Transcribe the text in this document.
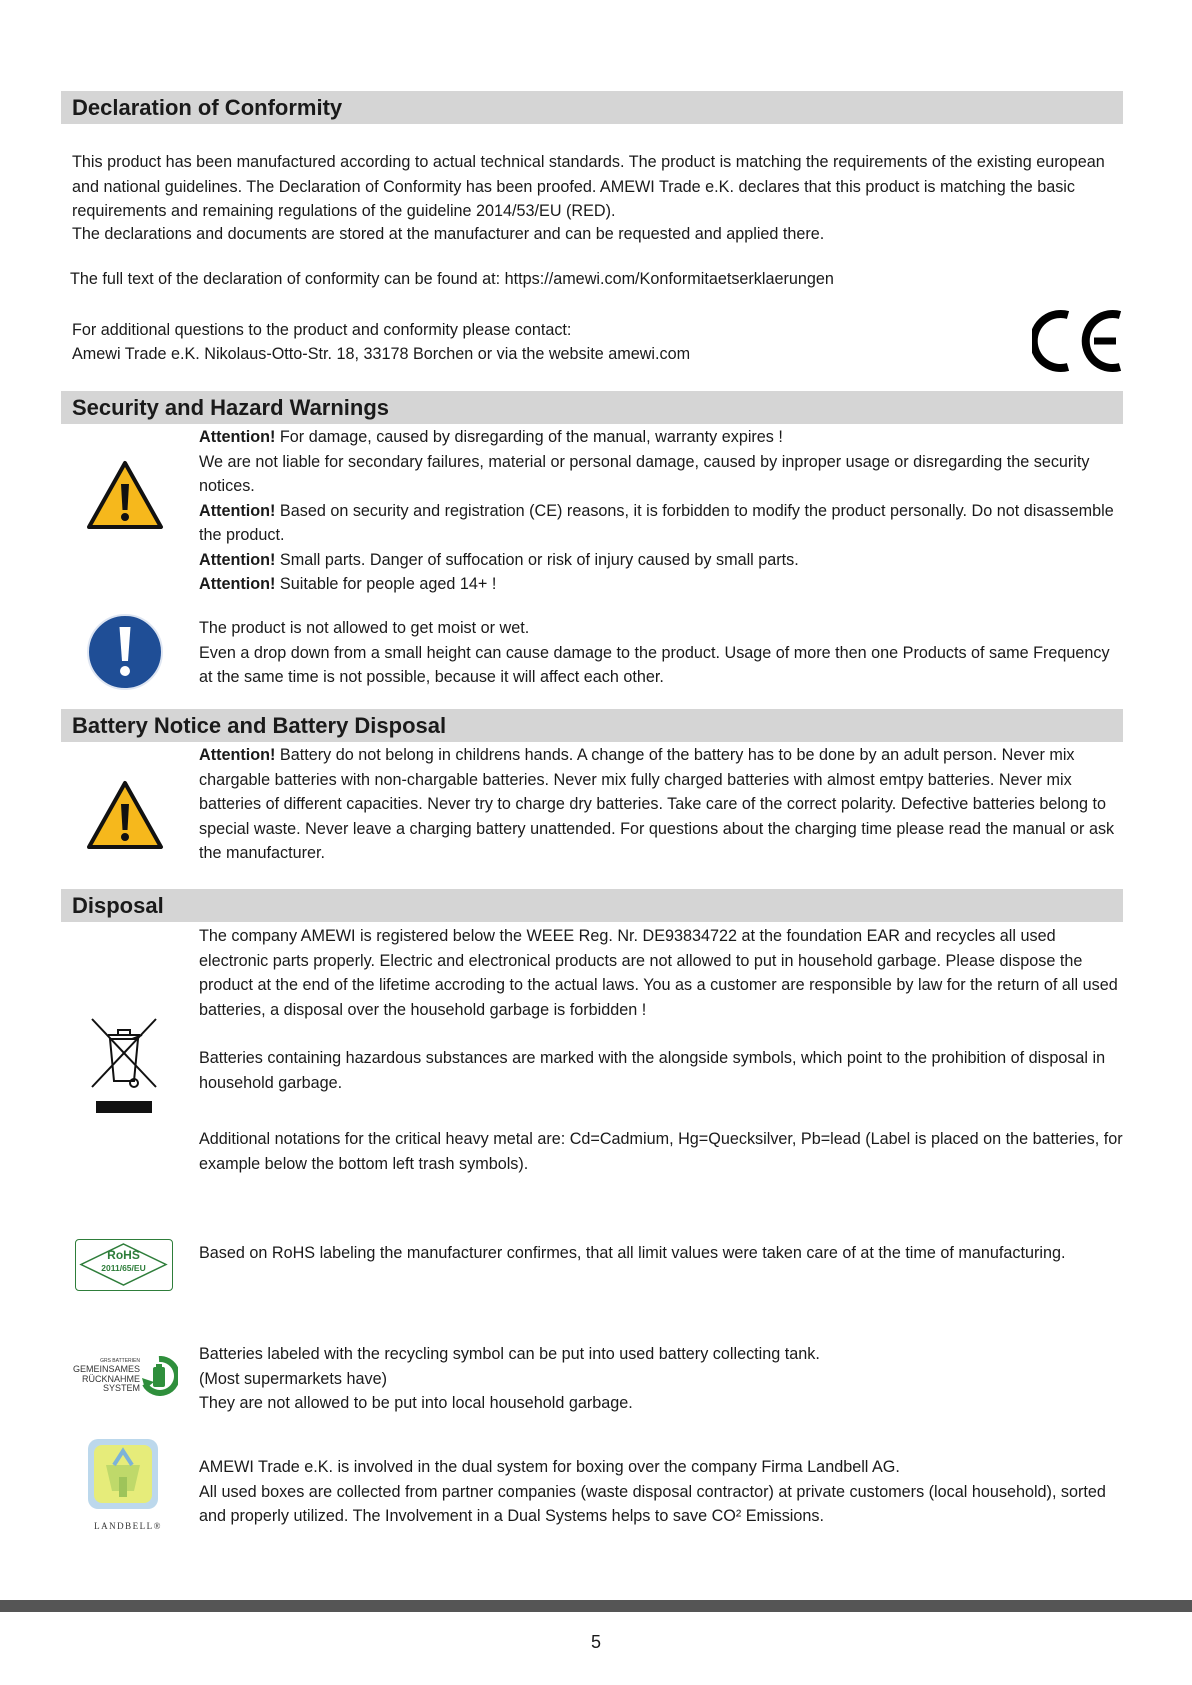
Declaration of Conformity
This product has been manufactured according to actual technical standards. The product is matching the requirements of the existing european and national guidelines. The Declaration of Conformity has been proofed. AMEWI Trade e.K. declares that this product is matching the basic requirements and remaining regulations of the guideline 2014/53/EU (RED).
The declarations and documents are stored at the manufacturer and can be requested and applied there.
The full text of the declaration of conformity can be found at: https://amewi.com/Konformitaetserklaerungen
For additional questions to the product and conformity please contact:
Amewi Trade e.K. Nikolaus-Otto-Str. 18, 33178 Borchen or via the website amewi.com
Security and Hazard Warnings
Attention! For damage, caused by disregarding of the manual, warranty expires !
We are not liable for secondary failures, material or personal damage, caused by inproper usage or disregarding the security notices.
Attention! Based on security and registration (CE) reasons, it is forbidden to modify the product personally. Do not disassemble the product.
Attention! Small parts. Danger of suffocation or risk of injury caused by small parts.
Attention! Suitable for people aged 14+ !
The product is not allowed to get moist or wet.
Even a drop down from a small height can cause damage to the product. Usage of more then one Products of same Frequency at the same time is not possible, because it will affect each other.
Battery Notice and Battery Disposal
Attention! Battery do not belong in childrens hands. A change of the battery has to be done by an adult person. Never mix chargable batteries with non-chargable batteries. Never mix fully charged batteries with almost emtpy batteries. Never mix batteries of different capacities. Never try to charge dry batteries. Take care of the correct polarity. Defective batteries belong to special waste. Never leave a charging battery unattended. For questions about the charging time please read the manual or ask the manufacturer.
Disposal
The company AMEWI is registered below the WEEE Reg. Nr. DE93834722 at the foundation EAR and recycles all used electronic parts properly. Electric and electronical products are not allowed to put in household garbage. Please dispose the product at the end of the lifetime accroding to the actual laws. You as a customer are responsible by law for the return of all used batteries, a disposal over the household garbage is forbidden !
Batteries containing hazardous substances are marked with the alongside symbols, which point to the prohibition of disposal in household garbage.
Additional notations for the critical heavy metal are: Cd=Cadmium, Hg=Quecksilver, Pb=lead (Label is placed on the batteries, for example below the bottom left trash symbols).
RoHS
2011/65/EU
Based on RoHS labeling the manufacturer confirmes, that all limit values were taken care of at the time of manufacturing.
GRS BATTERIEN
GEMEINSAMES
RÜCKNAHME
SYSTEM
Batteries labeled with the recycling symbol can be put into used battery collecting tank.
(Most supermarkets have)
They are not allowed to be put into local household garbage.
LANDBELL®
AMEWI Trade e.K. is involved in the dual system for boxing over the company Firma Landbell AG.
All used boxes are collected from partner companies (waste disposal contractor) at private customers (local household), sorted and properly utilized. The Involvement in a Dual Systems helps to save CO² Emissions.
5
